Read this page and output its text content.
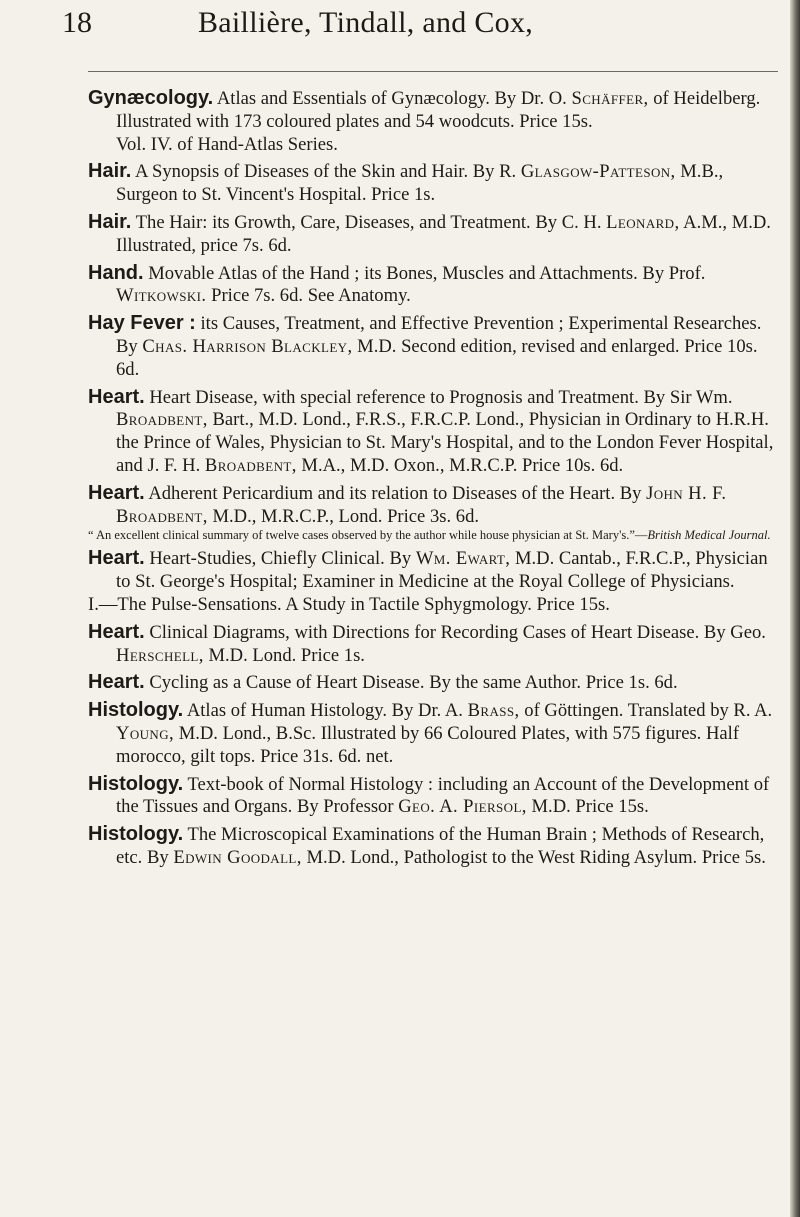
18	Baillière, Tindall, and Cox,

Gynæcology. Atlas and Essentials of Gynæcology. By Dr. O. Schäffer, of Heidelberg. Illustrated with 173 coloured plates and 54 woodcuts. Price 15s.

Vol. IV. of Hand-Atlas Series.

Hair. A Synopsis of Diseases of the Skin and Hair. By R. Glasgow-Patteson, M.B., Surgeon to St. Vincent's Hospital. Price 1s.

Hair. The Hair: its Growth, Care, Diseases, and Treatment. By C. H. Leonard, A.M., M.D. Illustrated, price 7s. 6d.

Hand. Movable Atlas of the Hand ; its Bones, Muscles and Attachments. By Prof. Witkowski. Price 7s. 6d. See Anatomy.

Hay Fever : its Causes, Treatment, and Effective Prevention ; Experimental Researches. By Chas. Harrison Blackley, M.D. Second edition, revised and enlarged. Price 10s. 6d.

Heart. Heart Disease, with special reference to Prognosis and Treatment. By Sir Wm. Broadbent, Bart., M.D. Lond., F.R.S., F.R.C.P. Lond., Physician in Ordinary to H.R.H. the Prince of Wales, Physician to St. Mary's Hospital, and to the London Fever Hospital, and J. F. H. Broadbent, M.A., M.D. Oxon., M.R.C.P. Price 10s. 6d.

Heart. Adherent Pericardium and its relation to Diseases of the Heart. By John H. F. Broadbent, M.D., M.R.C.P., Lond. Price 3s. 6d.

“ An excellent clinical summary of twelve cases observed by the author while house physician at St. Mary's.”—British Medical Journal.

Heart. Heart-Studies, Chiefly Clinical. By Wm. Ewart, M.D. Cantab., F.R.C.P., Physician to St. George's Hospital; Examiner in Medicine at the Royal College of Physicians.

I.—The Pulse-Sensations. A Study in Tactile Sphygmology. Price 15s.

Heart. Clinical Diagrams, with Directions for Recording Cases of Heart Disease. By Geo. Herschell, M.D. Lond. Price 1s.

Heart. Cycling as a Cause of Heart Disease. By the same Author. Price 1s. 6d.

Histology. Atlas of Human Histology. By Dr. A. Brass, of Göttingen. Translated by R. A. Young, M.D. Lond., B.Sc. Illustrated by 66 Coloured Plates, with 575 figures. Half morocco, gilt tops. Price 31s. 6d. net.

Histology. Text-book of Normal Histology : including an Account of the Development of the Tissues and Organs. By Professor Geo. A. Piersol, M.D. Price 15s.

Histology. The Microscopical Examinations of the Human Brain ; Methods of Research, etc. By Edwin Goodall, M.D. Lond., Pathologist to the West Riding Asylum. Price 5s.
